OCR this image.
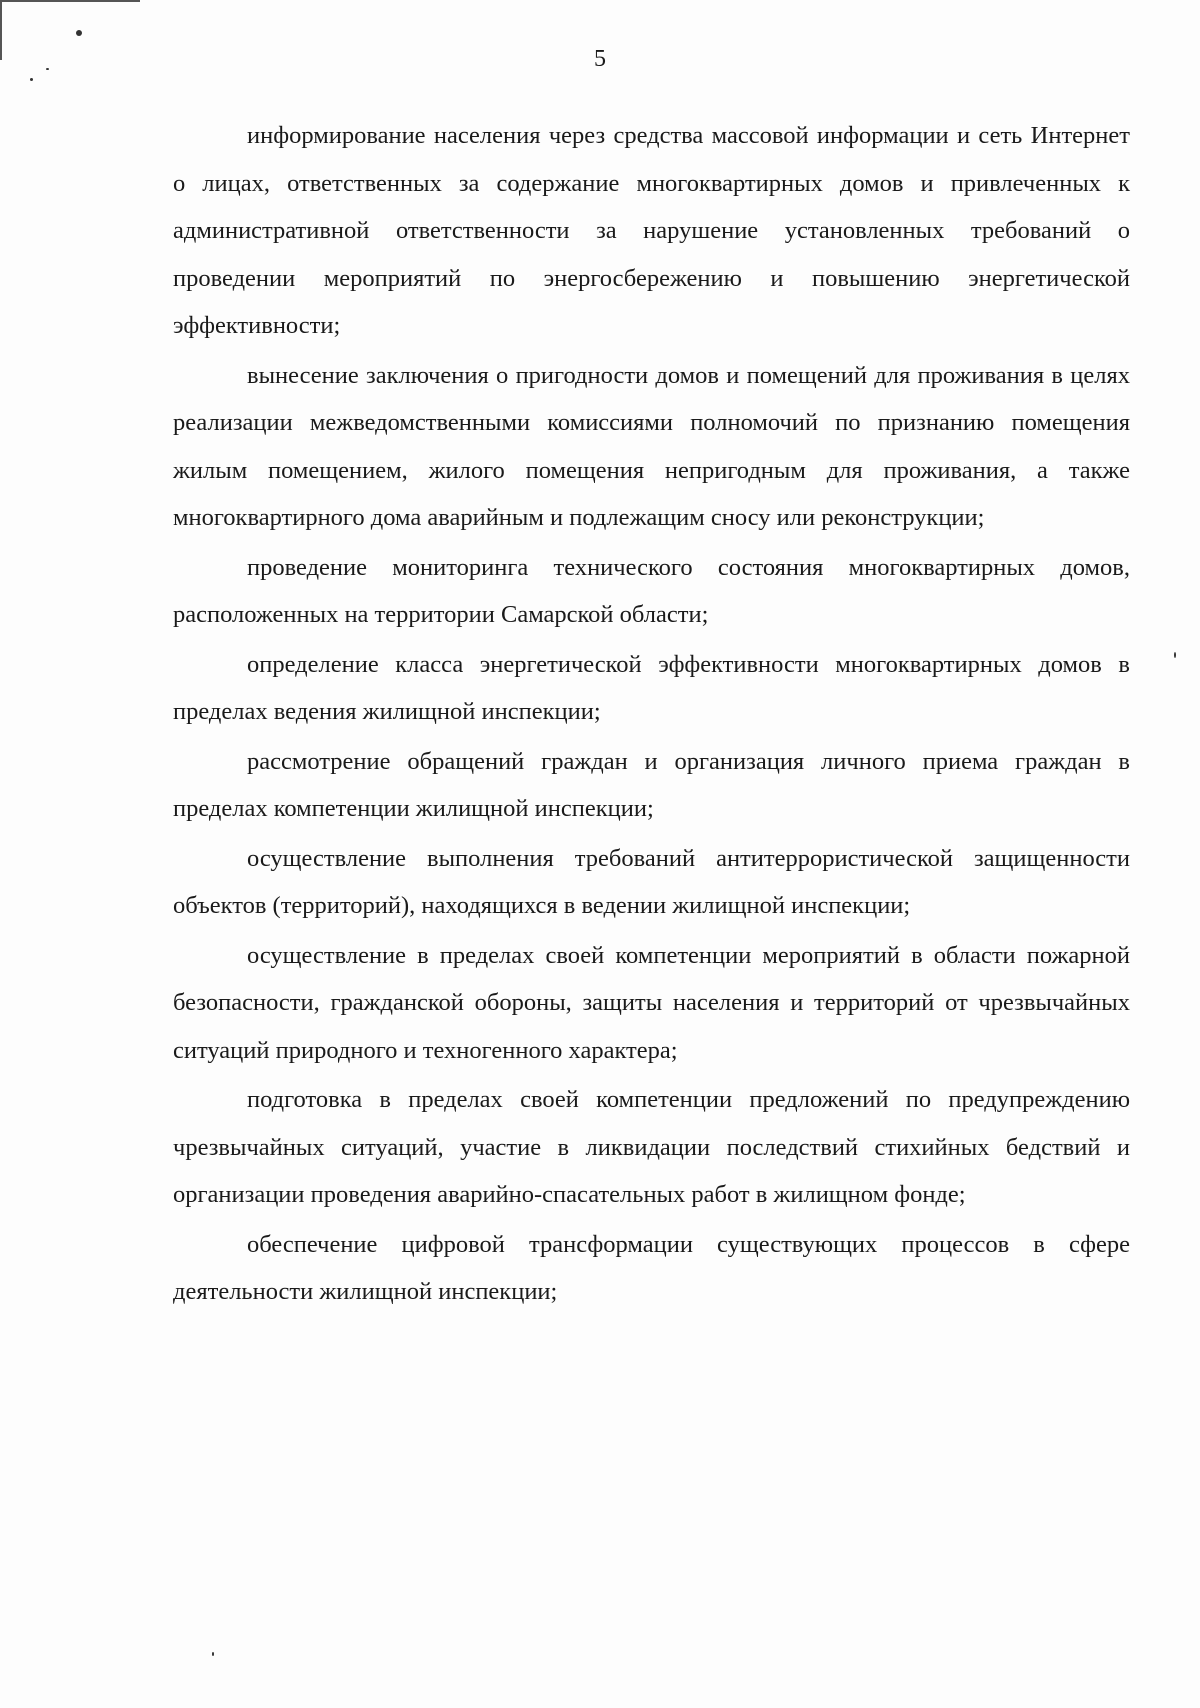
5

информирование населения через средства массовой информации и сеть Интернет о лицах, ответственных за содержание многоквартирных домов и привлеченных к административной ответственности за нарушение установленных требований о проведении мероприятий по энергосбережению и повышению энергетической эффективности;

вынесение заключения о пригодности домов и помещений для проживания в целях реализации межведомственными комиссиями полномочий по признанию помещения жилым помещением, жилого помещения непригодным для проживания, а также многоквартирного дома аварийным и подлежащим сносу или реконструкции;

проведение мониторинга технического состояния многоквартирных домов, расположенных на территории Самарской области;

определение класса энергетической эффективности многоквартирных домов в пределах ведения жилищной инспекции;

рассмотрение обращений граждан и организация личного приема граждан в пределах компетенции жилищной инспекции;

осуществление выполнения требований антитеррористической защищенности объектов (территорий), находящихся в ведении жилищной инспекции;

осуществление в пределах своей компетенции мероприятий в области пожарной безопасности, гражданской обороны, защиты населения и территорий от чрезвычайных ситуаций природного и техногенного характера;

подготовка в пределах своей компетенции предложений по предупреждению чрезвычайных ситуаций, участие в ликвидации последствий стихийных бедствий и организации проведения аварийно-спасательных работ в жилищном фонде;

обеспечение цифровой трансформации существующих процессов в сфере деятельности жилищной инспекции;
